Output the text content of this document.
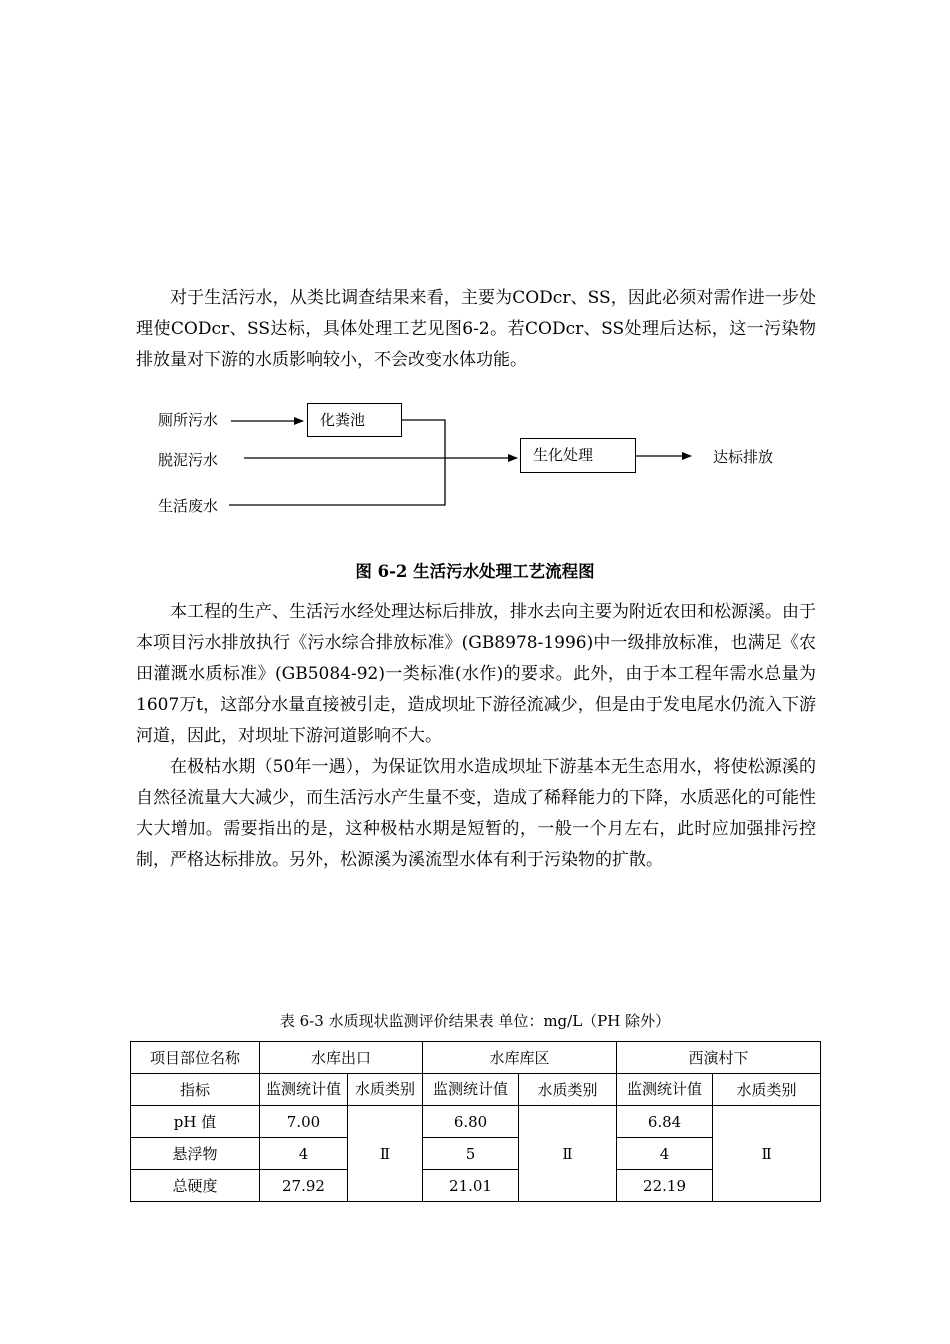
对于生活污水，从类比调查结果来看，主要为CODcr、SS，因此必须对需作进一步处理使CODcr、SS达标，具体处理工艺见图6-2。若CODcr、SS处理后达标，这一污染物排放量对下游的水质影响较小，不会改变水体功能。

厕所污水
脱泥污水
生活废水
化粪池
生化处理	达标排放
图 6-2 生活污水处理工艺流程图

本工程的生产、生活污水经处理达标后排放，排水去向主要为附近农田和松源溪。由于本项目污水排放执行《污水综合排放标准》(GB8978-1996)中一级排放标准，也满足《农田灌溉水质标准》(GB5084-92)一类标准(水作)的要求。此外，由于本工程年需水总量为1607万t，这部分水量直接被引走，造成坝址下游径流减少，但是由于发电尾水仍流入下游河道，因此，对坝址下游河道影响不大。

在极枯水期（50年一遇），为保证饮用水造成坝址下游基本无生态用水，将使松源溪的自然径流量大大减少，而生活污水产生量不变，造成了稀释能力的下降，水质恶化的可能性大大增加。需要指出的是，这种极枯水期是短暂的，一般一个月左右，此时应加强排污控制，严格达标排放。另外，松源溪为溪流型水体有利于污染物的扩散。

表 6-3 水质现状监测评价结果表 单位：mg/L（PH 除外）
项目部位名称	水库出口		水库库区		西演村下	
指标	监测统计值	水质类别	监测统计值	水质类别	监测统计值	水质类别
pH 值	7.00	Ⅱ	6.80	Ⅱ	6.84	Ⅱ
悬浮物	4		5		4	
总硬度	27.92		21.01		22.19	
